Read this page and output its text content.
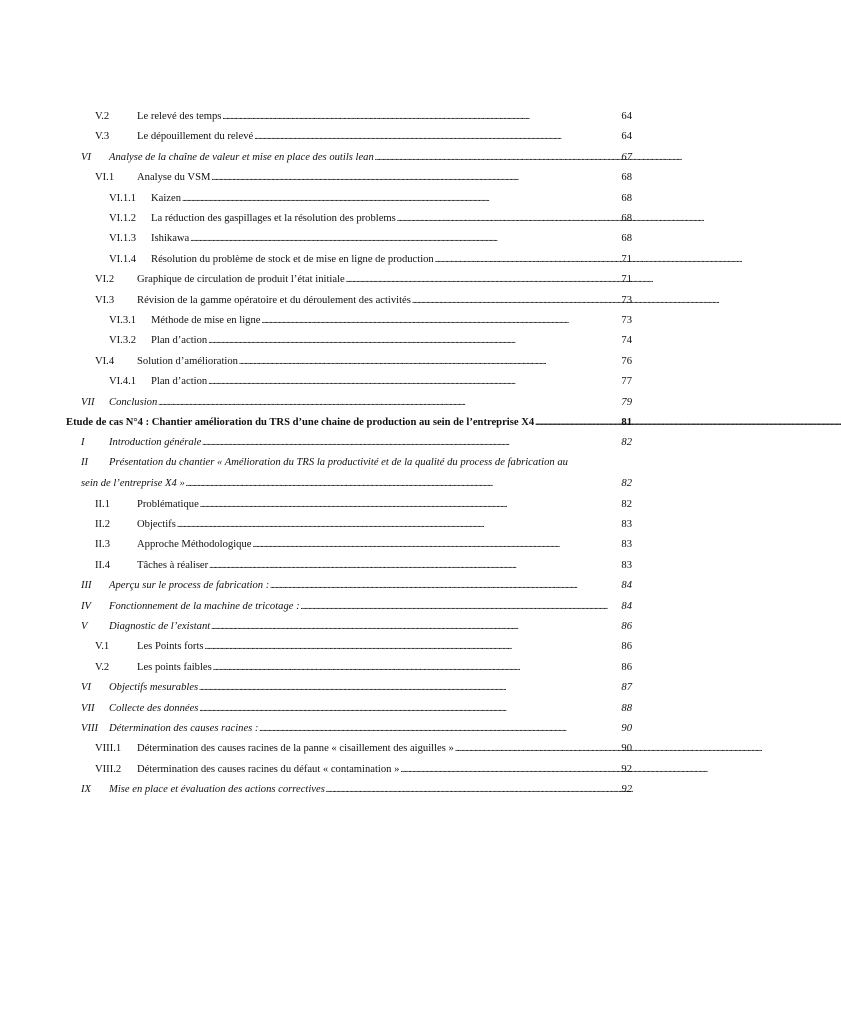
V.2	Le relevé des temps . . .	64
V.3	Le dépouillement du relevé . . .	64
VI	Analyse de la chaîne de valeur et mise en place des outils lean . . .	67
VI.1	Analyse du VSM . . .	68
VI.1.1	Kaizen . . .	68
VI.1.2	La réduction des gaspillages et la résolution des problems . . .	68
VI.1.3	Ishikawa . . .	68
VI.1.4	Résolution du problème de stock et de mise en ligne de production . . .	71
VI.2	Graphique de circulation de produit l’état initiale . . .	71
VI.3	Révision de la gamme opératoire et du déroulement des activités . . .	73
VI.3.1	Méthode de mise en ligne . . .	73
VI.3.2	Plan d’action . . .	74
VI.4	Solution d’amélioration . . .	76
VI.4.1	Plan d’action . . .	77
VII	Conclusion . . .	79
Etude de cas N°4 : Chantier amélioration du TRS d’une chaine de production au sein de l’entreprise X4 . . .	81
I	Introduction générale . . .	82
II	Présentation du chantier « Amélioration du TRS la productivité et de la qualité du process de fabrication au
sein de l’entreprise X4 » . . .	82
II.1	Problématique . . .	82
II.2	Objectifs . . .	83
II.3	Approche Méthodologique . . .	83
II.4	Tâches à réaliser . . .	83
III	Aperçu sur le process de fabrication : . . .	84
IV	Fonctionnement de la machine de tricotage : . . .	84
V	Diagnostic de l’existant . . .	86
V.1	Les Points forts . . .	86
V.2	Les points faibles . . .	86
VI	Objectifs mesurables . . .	87
VII	Collecte des données . . .	88
VIII	Détermination des causes racines : . . .	90
VIII.1	Détermination des causes racines de la panne « cisaillement des aiguilles » . . .	90
VIII.2	Détermination des causes racines du défaut « contamination » . . .	92
IX	Mise en place et évaluation des actions correctives . . .	92
